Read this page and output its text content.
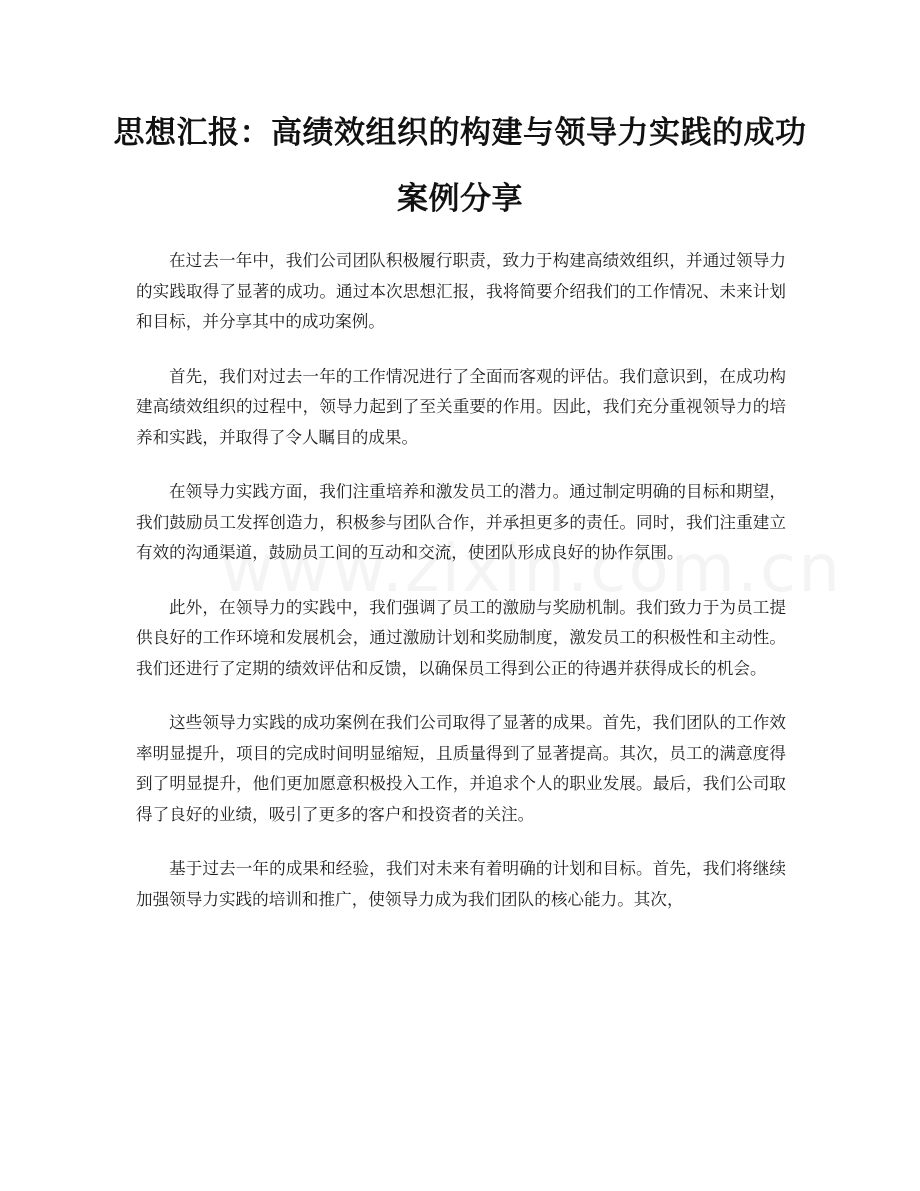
思想汇报：高绩效组织的构建与领导力实践的成功案例分享

在过去一年中，我们公司团队积极履行职责，致力于构建高绩效组织，并通过领导力的实践取得了显著的成功。通过本次思想汇报，我将简要介绍我们的工作情况、未来计划和目标，并分享其中的成功案例。

首先，我们对过去一年的工作情况进行了全面而客观的评估。我们意识到，在成功构建高绩效组织的过程中，领导力起到了至关重要的作用。因此，我们充分重视领导力的培养和实践，并取得了令人瞩目的成果。

在领导力实践方面，我们注重培养和激发员工的潜力。通过制定明确的目标和期望，我们鼓励员工发挥创造力，积极参与团队合作，并承担更多的责任。同时，我们注重建立有效的沟通渠道，鼓励员工间的互动和交流，使团队形成良好的协作氛围。

此外，在领导力的实践中，我们强调了员工的激励与奖励机制。我们致力于为员工提供良好的工作环境和发展机会，通过激励计划和奖励制度，激发员工的积极性和主动性。我们还进行了定期的绩效评估和反馈，以确保员工得到公正的待遇并获得成长的机会。

这些领导力实践的成功案例在我们公司取得了显著的成果。首先，我们团队的工作效率明显提升，项目的完成时间明显缩短，且质量得到了显著提高。其次，员工的满意度得到了明显提升，他们更加愿意积极投入工作，并追求个人的职业发展。最后，我们公司取得了良好的业绩，吸引了更多的客户和投资者的关注。

基于过去一年的成果和经验，我们对未来有着明确的计划和目标。首先，我们将继续加强领导力实践的培训和推广，使领导力成为我们团队的核心能力。其次，
